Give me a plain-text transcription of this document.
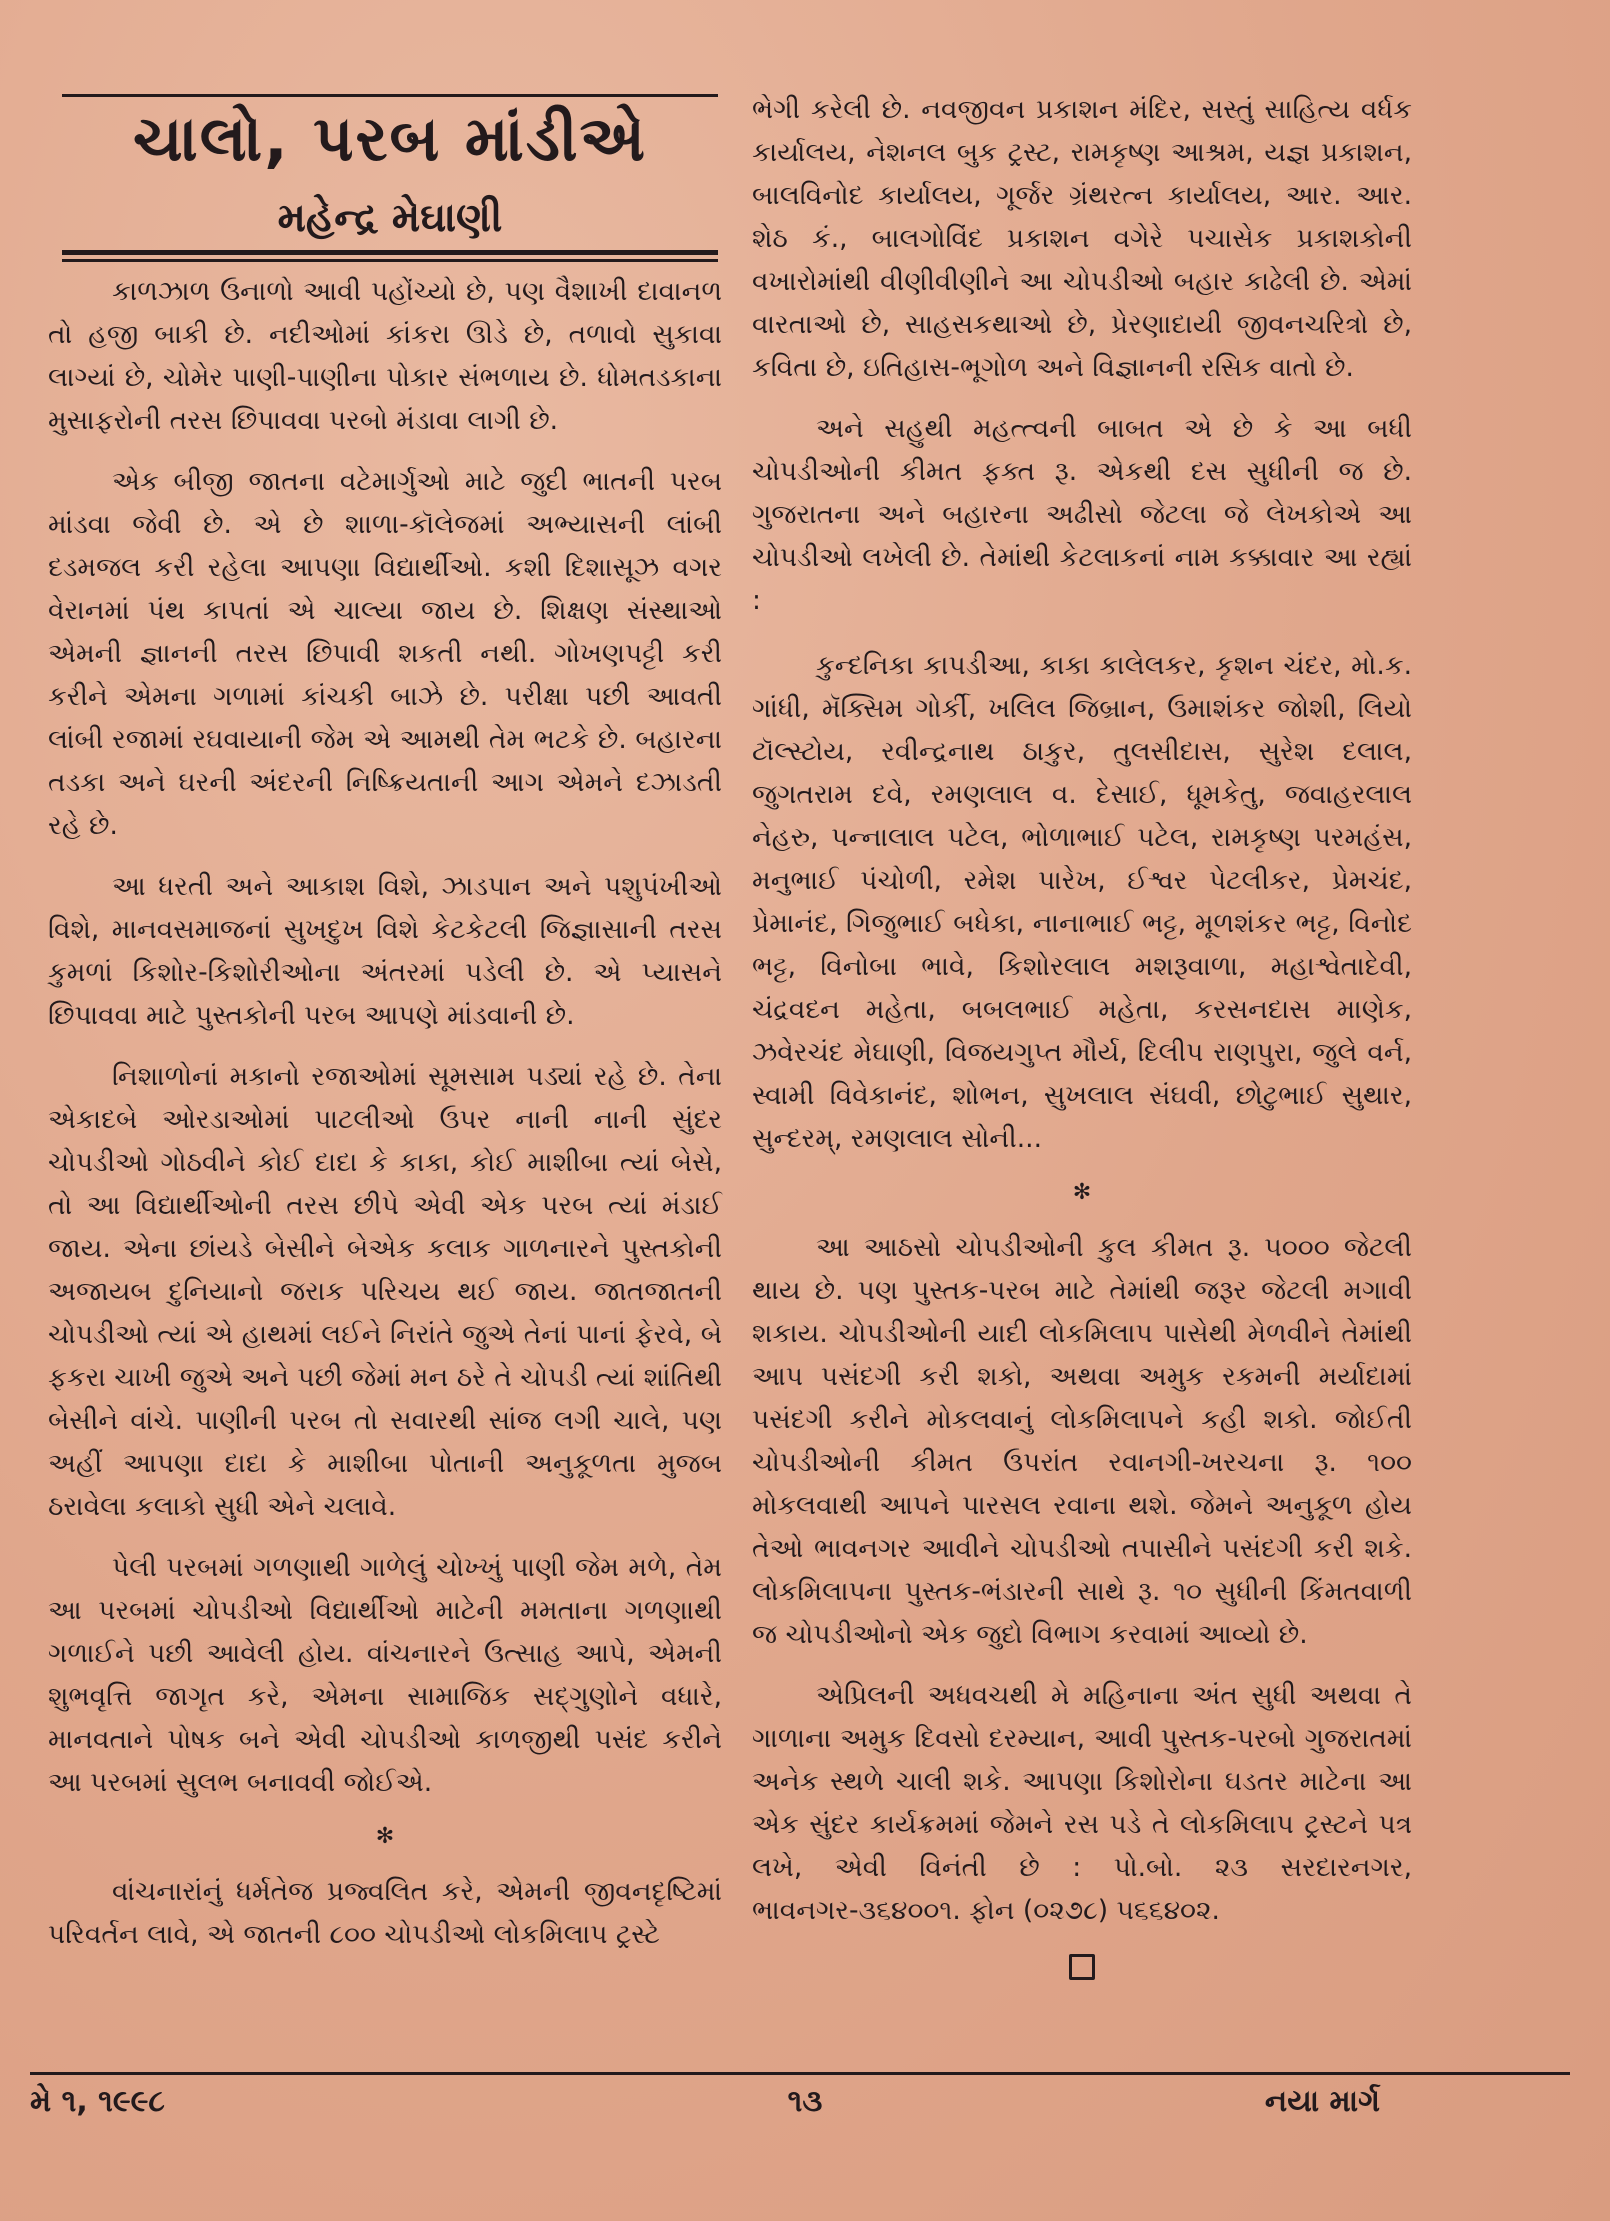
ચાલો, પરબ માંડીએ
મહેન્દ્ર મેઘાણી

કાળઝાળ ઉનાળો આવી પહોંચ્યો છે, પણ વૈશાખી દાવાનળ તો હજી બાકી છે. નદીઓમાં કાંકરા ઊડે છે, તળાવો સુકાવા લાગ્યાં છે, ચોમેર પાણી-પાણીના પોકાર સંભળાય છે. ધોમતડકાના મુસાફરોની તરસ છિપાવવા પરબો મંડાવા લાગી છે.

એક બીજી જાતના વટેમાર્ગુઓ માટે જુદી ભાતની પરબ માંડવા જેવી છે. એ છે શાળા-કૉલેજમાં અભ્યાસની લાંબી દડમજલ કરી રહેલા આપણા વિદ્યાર્થીઓ. કશી દિશાસૂઝ વગર વેરાનમાં પંથ કાપતાં એ ચાલ્યા જાય છે. શિક્ષણ સંસ્થાઓ એમની જ્ઞાનની તરસ છિપાવી શકતી નથી. ગોખણપટ્ટી કરી કરીને એમના ગળામાં કાંચકી બાઝે છે. પરીક્ષા પછી આવતી લાંબી રજામાં રઘવાયાની જેમ એ આમથી તેમ ભટકે છે. બહારના તડકા અને ઘરની અંદરની નિષ્ક્રિયતાની આગ એમને દઝાડતી રહે છે.

આ ધરતી અને આકાશ વિશે, ઝાડપાન અને પશુપંખીઓ વિશે, માનવસમાજનાં સુખદુખ વિશે કેટકેટલી જિજ્ઞાસાની તરસ કુમળાં કિશોર-કિશોરીઓના અંતરમાં પડેલી છે. એ પ્યાસને છિપાવવા માટે પુસ્તકોની પરબ આપણે માંડવાની છે.

નિશાળોનાં મકાનો રજાઓમાં સૂમસામ પડ્યાં રહે છે. તેના એકાદબે ઓરડાઓમાં પાટલીઓ ઉપર નાની નાની સુંદર ચોપડીઓ ગોઠવીને કોઈ દાદા કે કાકા, કોઈ માશીબા ત્યાં બેસે, તો આ વિદ્યાર્થીઓની તરસ છીપે એવી એક પરબ ત્યાં મંડાઈ જાય. એના છાંયડે બેસીને બેએક કલાક ગાળનારને પુસ્તકોની અજાયબ દુનિયાનો જરાક પરિચય થઈ જાય. જાતજાતની ચોપડીઓ ત્યાં એ હાથમાં લઈને નિરાંતે જુએ તેનાં પાનાં ફેરવે, બે ફકરા ચાખી જુએ અને પછી જેમાં મન ઠરે તે ચોપડી ત્યાં શાંતિથી બેસીને વાંચે. પાણીની પરબ તો સવારથી સાંજ લગી ચાલે, પણ અહીં આપણા દાદા કે માશીબા પોતાની અનુકૂળતા મુજબ ઠરાવેલા કલાકો સુધી એને ચલાવે.

પેલી પરબમાં ગળણાથી ગાળેલું ચોખ્ખું પાણી જેમ મળે, તેમ આ પરબમાં ચોપડીઓ વિદ્યાર્થીઓ માટેની મમતાના ગળણાથી ગળાઈને પછી આવેલી હોય. વાંચનારને ઉત્સાહ આપે, એમની શુભવૃત્તિ જાગૃત કરે, એમના સામાજિક સદ્ગુણોને વધારે, માનવતાને પોષક બને એવી ચોપડીઓ કાળજીથી પસંદ કરીને આ પરબમાં સુલભ બનાવવી જોઈએ.

✻

વાંચનારાંનું ધર્મતેજ પ્રજ્વલિત કરે, એમની જીવનદૃષ્ટિમાં પરિવર્તન લાવે, એ જાતની ૮૦૦ ચોપડીઓ લોકમિલાપ ટ્રસ્ટે

ભેગી કરેલી છે. નવજીવન પ્રકાશન મંદિર, સસ્તું સાહિત્ય વર્ધક કાર્યાલય, નેશનલ બુક ટ્રસ્ટ, રામકૃષ્ણ આશ્રમ, યજ્ઞ પ્રકાશન, બાલવિનોદ કાર્યાલય, ગૂર્જર ગ્રંથરત્ન કાર્યાલય, આર. આર. શેઠ કં., બાલગોવિંદ પ્રકાશન વગેરે પચાસેક પ્રકાશકોની વખારોમાંથી વીણીવીણીને આ ચોપડીઓ બહાર કાઢેલી છે. એમાં વારતાઓ છે, સાહસકથાઓ છે, પ્રેરણાદાયી જીવનચરિત્રો છે, કવિતા છે, ઇતિહાસ-ભૂગોળ અને વિજ્ઞાનની રસિક વાતો છે.

અને સહુથી મહત્ત્વની બાબત એ છે કે આ બધી ચોપડીઓની કીમત ફક્ત રૂ. એકથી દસ સુધીની જ છે. ગુજરાતના અને બહારના અઢીસો જેટલા જે લેખકોએ આ ચોપડીઓ લખેલી છે. તેમાંથી કેટલાકનાં નામ કક્કાવાર આ રહ્યાં :

કુન્દનિકા કાપડીઆ, કાકા કાલેલકર, કૃશન ચંદર, મો.ક. ગાંધી, મૅક્સિમ ગોર્કી, ખલિલ જિબ્રાન, ઉમાશંકર જોશી, લિયો ટૉલ્સ્ટોય, રવીન્દ્રનાથ ઠાકુર, તુલસીદાસ, સુરેશ દલાલ, જુગતરામ દવે, રમણલાલ વ. દેસાઈ, ધૂમકેતુ, જવાહરલાલ નેહરુ, પન્નાલાલ પટેલ, ભોળાભાઈ પટેલ, રામકૃષ્ણ પરમહંસ, મનુભાઈ પંચોળી, રમેશ પારેખ, ઈશ્વર પેટલીકર, પ્રેમચંદ, પ્રેમાનંદ, ગિજુભાઈ બધેકા, નાનાભાઈ ભટ્ટ, મૂળશંકર ભટ્ટ, વિનોદ ભટ્ટ, વિનોબા ભાવે, કિશોરલાલ મશરૂવાળા, મહાશ્વેતાદેવી, ચંદ્રવદન મહેતા, બબલભાઈ મહેતા, કરસનદાસ માણેક, ઝવેરચંદ મેઘાણી, વિજયગુપ્ત મૌર્ય, દિલીપ રાણપુરા, જુલે વર્ન, સ્વામી વિવેકાનંદ, શોભન, સુખલાલ સંઘવી, છોટુભાઈ સુથાર, સુન્દરમ્, રમણલાલ સોની...

✻

આ આઠસો ચોપડીઓની કુલ કીમત રૂ. ૫૦૦૦ જેટલી થાય છે. પણ પુસ્તક-પરબ માટે તેમાંથી જરૂર જેટલી મગાવી શકાય. ચોપડીઓની યાદી લોકમિલાપ પાસેથી મેળવીને તેમાંથી આપ પસંદગી કરી શકો, અથવા અમુક રકમની મર્યાદામાં પસંદગી કરીને મોકલવાનું લોકમિલાપને કહી શકો. જોઈતી ચોપડીઓની કીમત ઉપરાંત રવાનગી-ખરચના રૂ. ૧૦૦ મોકલવાથી આપને પારસલ રવાના થશે. જેમને અનુકૂળ હોય તેઓ ભાવનગર આવીને ચોપડીઓ તપાસીને પસંદગી કરી શકે. લોકમિલાપના પુસ્તક-ભંડારની સાથે રૂ. ૧૦ સુધીની કિંમતવાળી જ ચોપડીઓનો એક જુદો વિભાગ કરવામાં આવ્યો છે.

એપ્રિલની અધવચથી મે મહિનાના અંત સુધી અથવા તે ગાળાના અમુક દિવસો દરમ્યાન, આવી પુસ્તક-પરબો ગુજરાતમાં અનેક સ્થળે ચાલી શકે. આપણા કિશોરોના ઘડતર માટેના આ એક સુંદર કાર્યક્રમમાં જેમને રસ પડે તે લોકમિલાપ ટ્રસ્ટને પત્ર લખે, એવી વિનંતી છે : પો.બો. ૨૩ સરદારનગર, ભાવનગર-૩૬૪૦૦૧. ફોન (૦૨૭૮) ૫૬૬૪૦૨.

મે ૧, ૧૯૯૮	૧૩	નયા માર્ગ
